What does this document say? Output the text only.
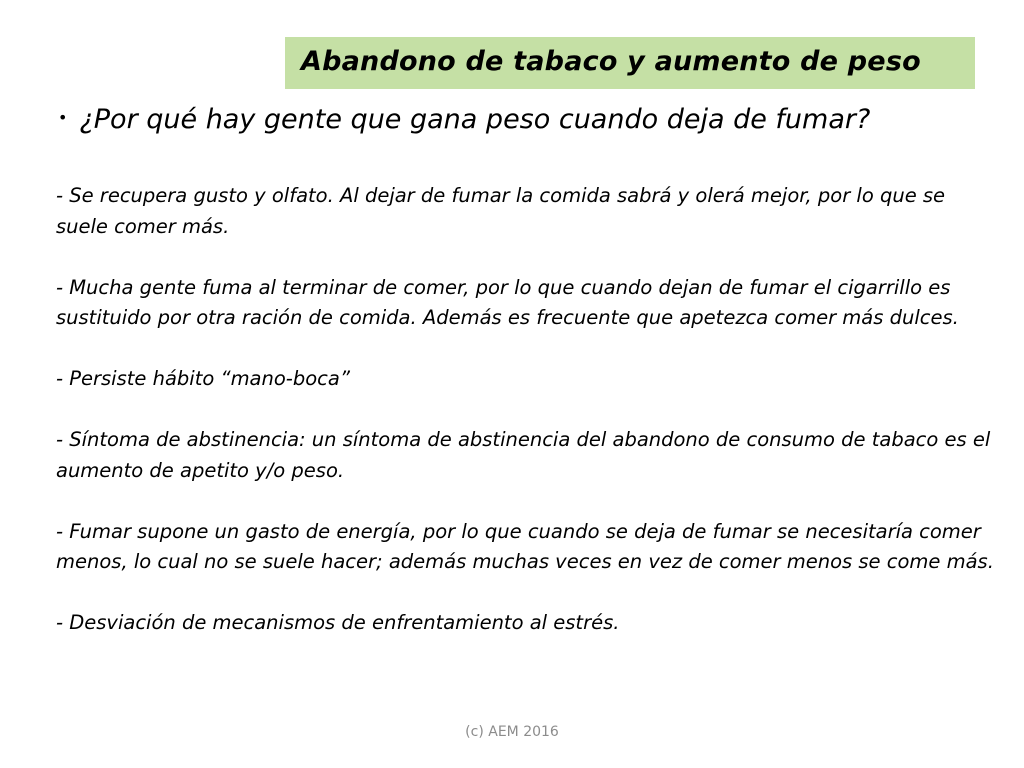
Abandono de tabaco y aumento de peso
• ¿Por qué hay gente que gana peso cuando deja de fumar?

- Se recupera gusto y olfato. Al dejar de fumar la comida sabrá y olerá mejor, por lo que se suele comer más.

- Mucha gente fuma al terminar de comer, por lo que cuando dejan de fumar el cigarrillo es sustituido por otra ración de comida. Además es frecuente que apetezca comer más dulces.

- Persiste hábito “mano-boca”

- Síntoma de abstinencia: un síntoma de abstinencia del abandono de consumo de tabaco es el aumento de apetito y/o peso.

- Fumar supone un gasto de energía, por lo que cuando se deja de fumar se necesitaría comer menos, lo cual no se suele hacer; además muchas veces en vez de comer menos se come más.

- Desviación de mecanismos de enfrentamiento al estrés.

(c) AEM 2016
